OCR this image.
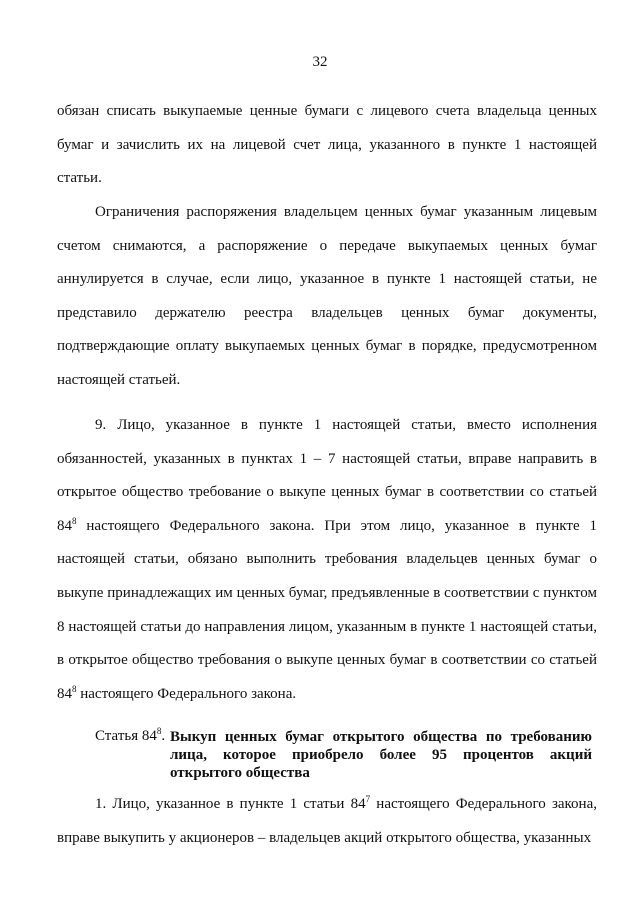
32

обязан списать выкупаемые ценные бумаги с лицевого счета владельца ценных бумаг и зачислить их на лицевой счет лица, указанного в пункте 1 настоящей статьи.

Ограничения распоряжения владельцем ценных бумаг указанным лицевым счетом снимаются, а распоряжение о передаче выкупаемых ценных бумаг аннулируется в случае, если лицо, указанное в пункте 1 настоящей статьи, не представило держателю реестра владельцев ценных бумаг документы, подтверждающие оплату выкупаемых ценных бумаг в порядке, предусмотренном настоящей статьей.

9. Лицо, указанное в пункте 1 настоящей статьи, вместо исполнения обязанностей, указанных в пунктах 1 – 7 настоящей статьи, вправе направить в открытое общество требование о выкупе ценных бумаг в соответствии со статьей $84^8$ настоящего Федерального закона. При этом лицо, указанное в пункте 1 настоящей статьи, обязано выполнить требования владельцев ценных бумаг о выкупе принадлежащих им ценных бумаг, предъявленные в соответствии с пунктом 8 настоящей статьи до направления лицом, указанным в пункте 1 настоящей статьи, в открытое общество требования о выкупе ценных бумаг в соответствии со статьей $84^8$ настоящего Федерального закона.

Статья $84^8$. Выкуп ценных бумаг открытого общества по требованию лица, которое приобрело более 95 процентов акций открытого общества

1. Лицо, указанное в пункте 1 статьи $84^7$ настоящего Федерального закона, вправе выкупить у акционеров – владельцев акций открытого общества, указанных
